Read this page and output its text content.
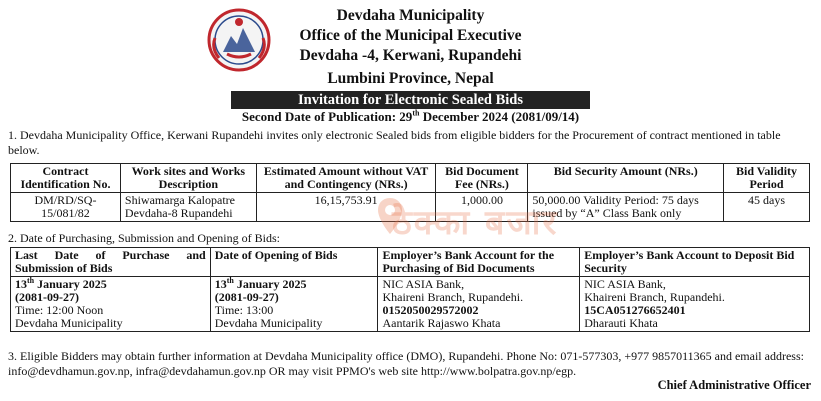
Devdaha Municipality
Office of the Municipal Executive
Devdaha -4, Kerwani, Rupandehi
Lumbini Province, Nepal
Invitation for Electronic Sealed Bids
Second Date of Publication: 29th December 2024 (2081/09/14)
1. Devdaha Municipality Office, Kerwani Rupandehi invites only electronic Sealed bids from eligible bidders for the Procurement of contract mentioned in table below.
Contract Identification No.	Work sites and Works Description	Estimated Amount without VAT and Contingency (NRs.)	Bid Document Fee (NRs.)	Bid Security Amount (NRs.)	Bid Validity Period
DM/RD/SQ-15/081/82	Shiwamarga Kalopatre Devdaha-8 Rupandehi	16,15,753.91	1,000.00	50,000.00 Validity Period: 75 days issued by “A” Class Bank only	45 days
2. Date of Purchasing, Submission and Opening of Bids:
Last Date of Purchase and Submission of Bids	Date of Opening of Bids	Employer’s Bank Account for the Purchasing of Bid Documents	Employer’s Bank Account to Deposit Bid Security
13th January 2025
(2081-09-27)
Time: 12:00 Noon
Devdaha Municipality	13th January 2025
(2081-09-27)
Time: 13:00
Devdaha Municipality	NIC ASIA Bank,
Khaireni Branch, Rupandehi.
0152050029572002
Aantarik Rajaswo Khata	NIC ASIA Bank,
Khaireni Branch, Rupandehi.
15CA051276652401
Dharauti Khata
3. Eligible Bidders may obtain further information at Devdaha Municipality office (DMO), Rupandehi. Phone No: 071-577303, +977 9857011365 and email address: info@devdhamun.gov.np, infra@devdahamun.gov.np OR may visit PPMO's web site http://www.bolpatra.gov.np/egp.
Chief Administrative Officer
ठेक्का बजार
